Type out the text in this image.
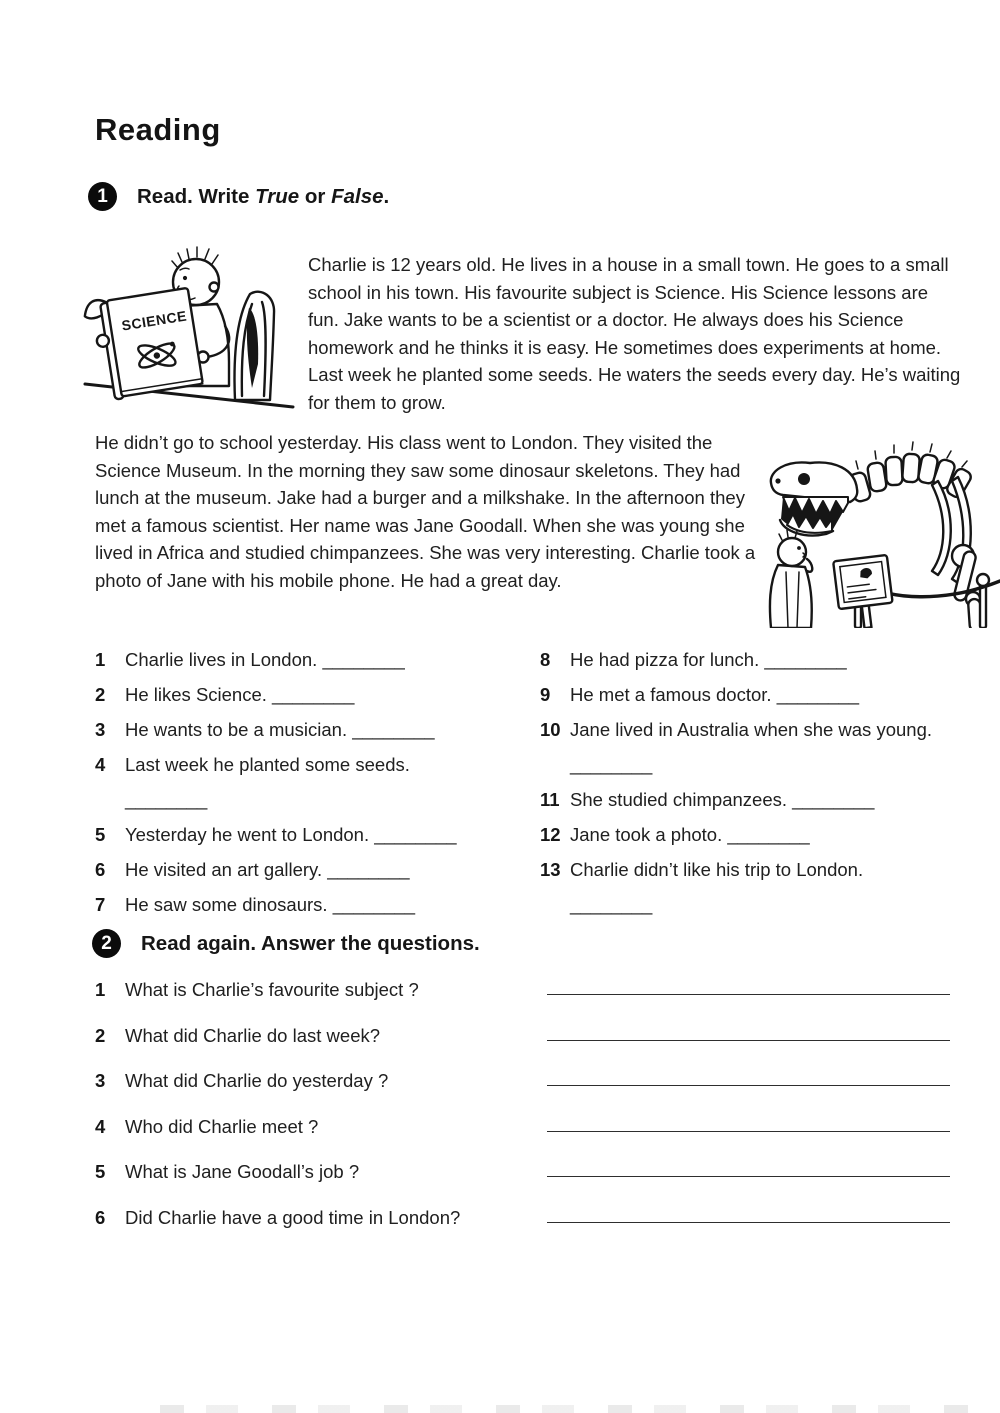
Reading
1	Read. Write True or False.
SCIENCE
Charlie is 12 years old. He lives in a house in a small town. He goes to a small school in his town. His favourite subject is Science. His Science lessons are fun. Jake wants to be a scientist or a doctor. He always does his Science homework and he thinks it is easy. He sometimes does experiments at home. Last week he planted some seeds. He waters the seeds every day. He’s waiting for them to grow.
He didn’t go to school yesterday. His class went to London. They visited the Science Museum. In the morning they saw some dinosaur skeletons. They had lunch at the museum. Jake had a burger and a milkshake. In the afternoon they met a famous scientist. Her name was Jane Goodall. When she was young she lived in Africa and studied chimpanzees. She was very interesting. Charlie took a photo of Jane with his mobile phone. He had a great day.
1	Charlie lives in London. ________
2	He likes Science. ________
3	He wants to be a musician. ________
4	Last week he planted some seeds.
________
5	Yesterday he went to London. ________
6	He visited an art gallery. ________
7	He saw some dinosaurs. ________
8	He had pizza for lunch. ________
9	He met a famous doctor. ________
10 Jane lived in Australia when she was young.
________
11 She studied chimpanzees. ________
12 Jane took a photo. ________
13 Charlie didn’t like his trip to London.
________
2	Read again. Answer the questions.
1 What is Charlie’s favourite subject ?
2 What did Charlie do last week?
3 What did Charlie do yesterday ?
4 Who did Charlie meet ?
5 What is Jane Goodall’s job ?
6 Did Charlie have a good time in London?
